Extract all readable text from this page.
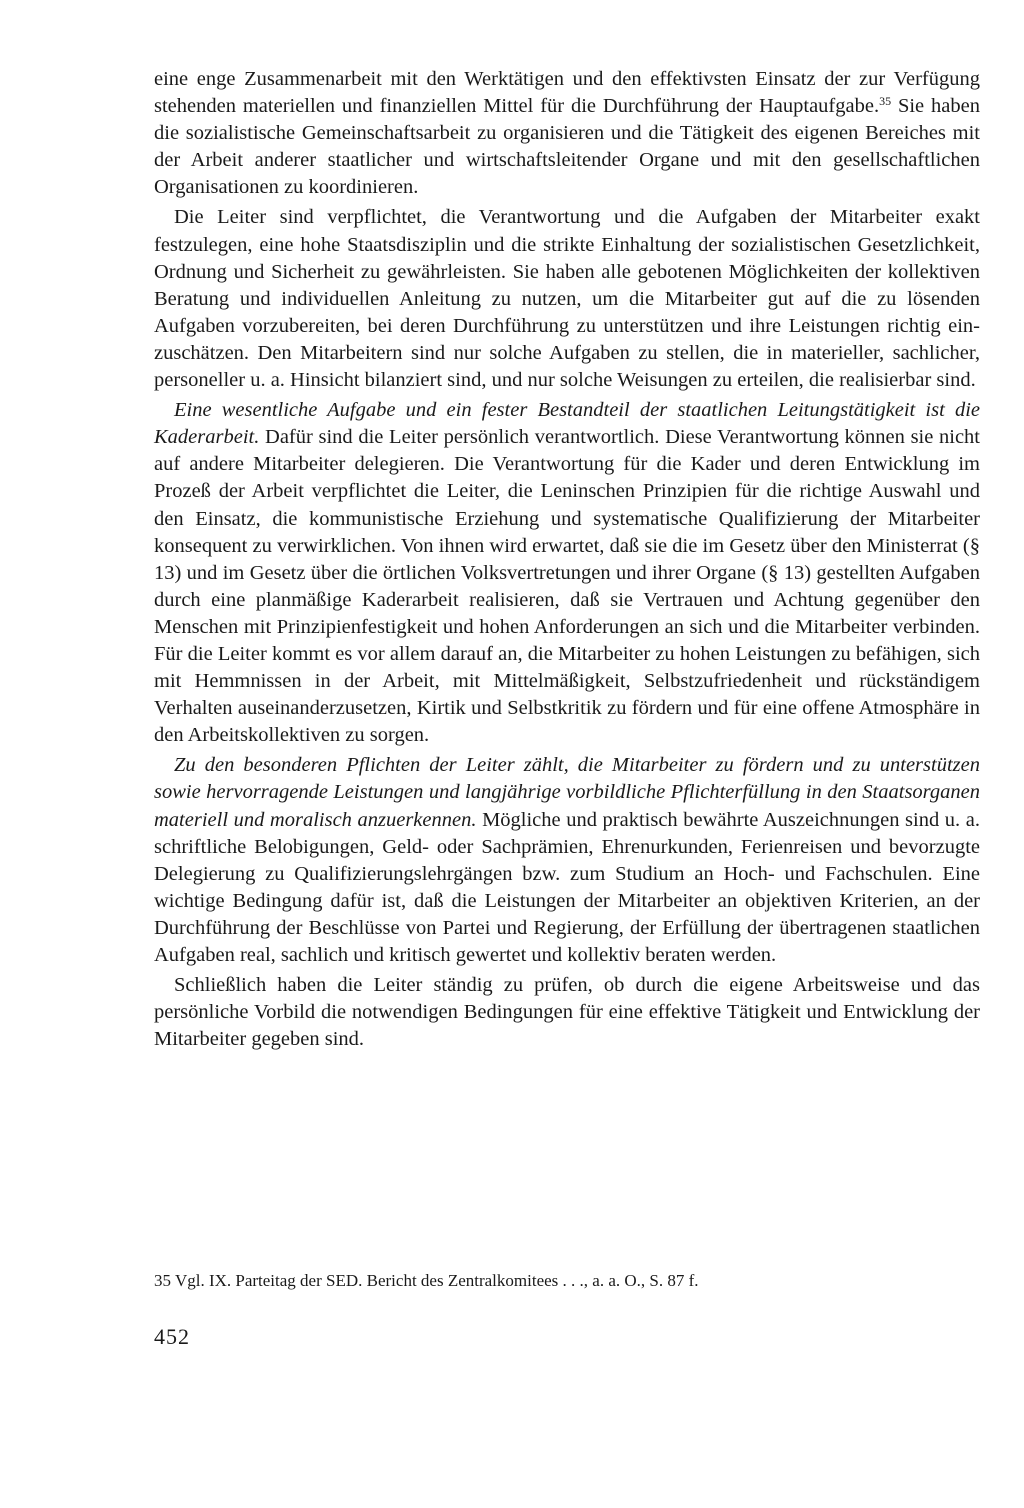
eine enge Zusammenarbeit mit den Werktätigen und den effektivsten Einsatz der zur Verfügung stehenden materiellen und finanziellen Mittel für die Durchführung der Hauptaufgabe.$^{35}$ Sie haben die sozialistische Gemeinschaftsarbeit zu organisieren und die Tätigkeit des eigenen Bereiches mit der Arbeit anderer staatlicher und wirtschaftsleitender Organe und mit den gesellschaftlichen Organisationen zu koordinieren.

Die Leiter sind verpflichtet, die Verantwortung und die Aufgaben der Mitarbeiter exakt festzulegen, eine hohe Staatsdisziplin und die strikte Einhaltung der sozialistischen Gesetzlichkeit, Ordnung und Sicherheit zu gewährleisten. Sie haben alle gebotenen Möglichkeiten der kollektiven Beratung und individuellen Anleitung zu nutzen, um die Mitarbeiter gut auf die zu lösenden Aufgaben vorzubereiten, bei deren Durchführung zu unterstützen und ihre Leistungen richtig einzuschätzen. Den Mitarbeitern sind nur solche Aufgaben zu stellen, die in materieller, sachlicher, personeller u. a. Hinsicht bilanziert sind, und nur solche Weisungen zu erteilen, die realisierbar sind.

Eine wesentliche Aufgabe und ein fester Bestandteil der staatlichen Leitungstätigkeit ist die Kaderarbeit. Dafür sind die Leiter persönlich verantwortlich. Diese Verantwortung können sie nicht auf andere Mitarbeiter delegieren. Die Verantwortung für die Kader und deren Entwicklung im Prozeß der Arbeit verpflichtet die Leiter, die Leninschen Prinzipien für die richtige Auswahl und den Einsatz, die kommunistische Erziehung und systematische Qualifizierung der Mitarbeiter konsequent zu verwirklichen. Von ihnen wird erwartet, daß sie die im Gesetz über den Ministerrat (§ 13) und im Gesetz über die örtlichen Volksvertretungen und ihrer Organe (§ 13) gestellten Aufgaben durch eine planmäßige Kaderarbeit realisieren, daß sie Vertrauen und Achtung gegenüber den Menschen mit Prinzipienfestigkeit und hohen Anforderungen an sich und die Mitarbeiter verbinden. Für die Leiter kommt es vor allem darauf an, die Mitarbeiter zu hohen Leistungen zu befähigen, sich mit Hemmnissen in der Arbeit, mit Mittelmäßigkeit, Selbstzufriedenheit und rückständigem Verhalten auseinanderzusetzen, Kirtik und Selbstkritik zu fördern und für eine offene Atmosphäre in den Arbeitskollektiven zu sorgen.

Zu den besonderen Pflichten der Leiter zählt, die Mitarbeiter zu fördern und zu unterstützen sowie hervorragende Leistungen und langjährige vorbildliche Pflichterfüllung in den Staatsorganen materiell und moralisch anzuerkennen. Mögliche und praktisch bewährte Auszeichnungen sind u. a. schriftliche Belobigungen, Geld- oder Sachprämien, Ehrenurkunden, Ferienreisen und bevorzugte Delegierung zu Qualifizierungslehrgängen bzw. zum Studium an Hoch- und Fachschulen. Eine wichtige Bedingung dafür ist, daß die Leistungen der Mitarbeiter an objektiven Kriterien, an der Durchführung der Beschlüsse von Partei und Regierung, der Erfüllung der übertragenen staatlichen Aufgaben real, sachlich und kritisch gewertet und kollektiv beraten werden.

Schließlich haben die Leiter ständig zu prüfen, ob durch die eigene Arbeitsweise und das persönliche Vorbild die notwendigen Bedingungen für eine effektive Tätigkeit und Entwicklung der Mitarbeiter gegeben sind.

35 Vgl. IX. Parteitag der SED. Bericht des Zentralkomitees . . ., a. a. O., S. 87 f.

452
